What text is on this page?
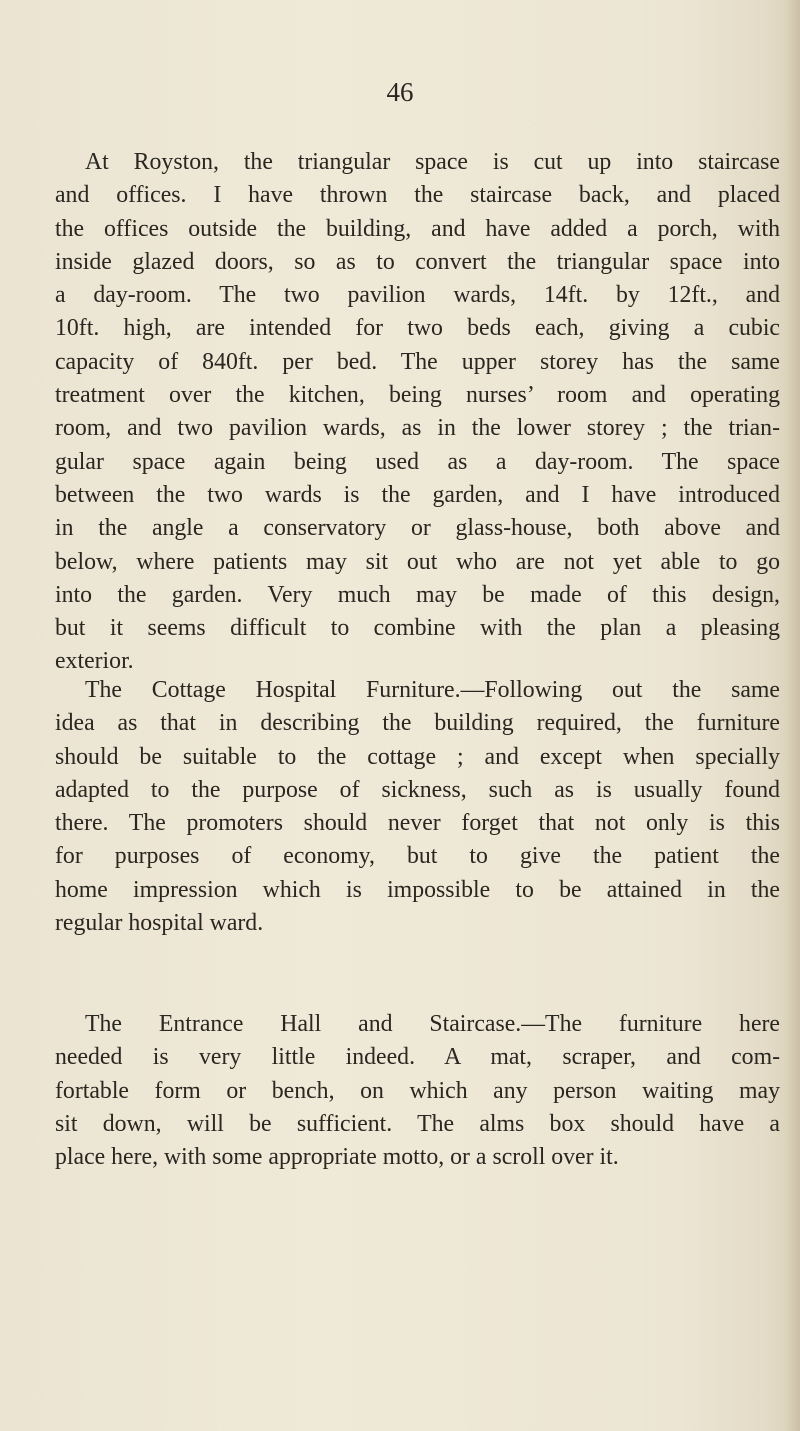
46
At Royston, the triangular space is cut up into staircase
and offices. I have thrown the staircase back, and placed
the offices outside the building, and have added a porch, with
inside glazed doors, so as to convert the triangular space into
a day-room. The two pavilion wards, 14ft. by 12ft., and
10ft. high, are intended for two beds each, giving a cubic
capacity of 840ft. per bed. The upper storey has the same
treatment over the kitchen, being nurses’ room and operating
room, and two pavilion wards, as in the lower storey ; the trian-
gular space again being used as a day-room. The space
between the two wards is the garden, and I have introduced
in the angle a conservatory or glass-house, both above and
below, where patients may sit out who are not yet able to go
into the garden. Very much may be made of this design,
but it seems difficult to combine with the plan a pleasing
exterior.
The Cottage Hospital Furniture.—Following out the same
idea as that in describing the building required, the furniture
should be suitable to the cottage ; and except when specially
adapted to the purpose of sickness, such as is usually found
there. The promoters should never forget that not only is this
for purposes of economy, but to give the patient the
home impression which is impossible to be attained in the
regular hospital ward.
The Entrance Hall and Staircase.—The furniture here
needed is very little indeed. A mat, scraper, and com-
fortable form or bench, on which any person waiting may
sit down, will be sufficient. The alms box should have a
place here, with some appropriate motto, or a scroll over it.
